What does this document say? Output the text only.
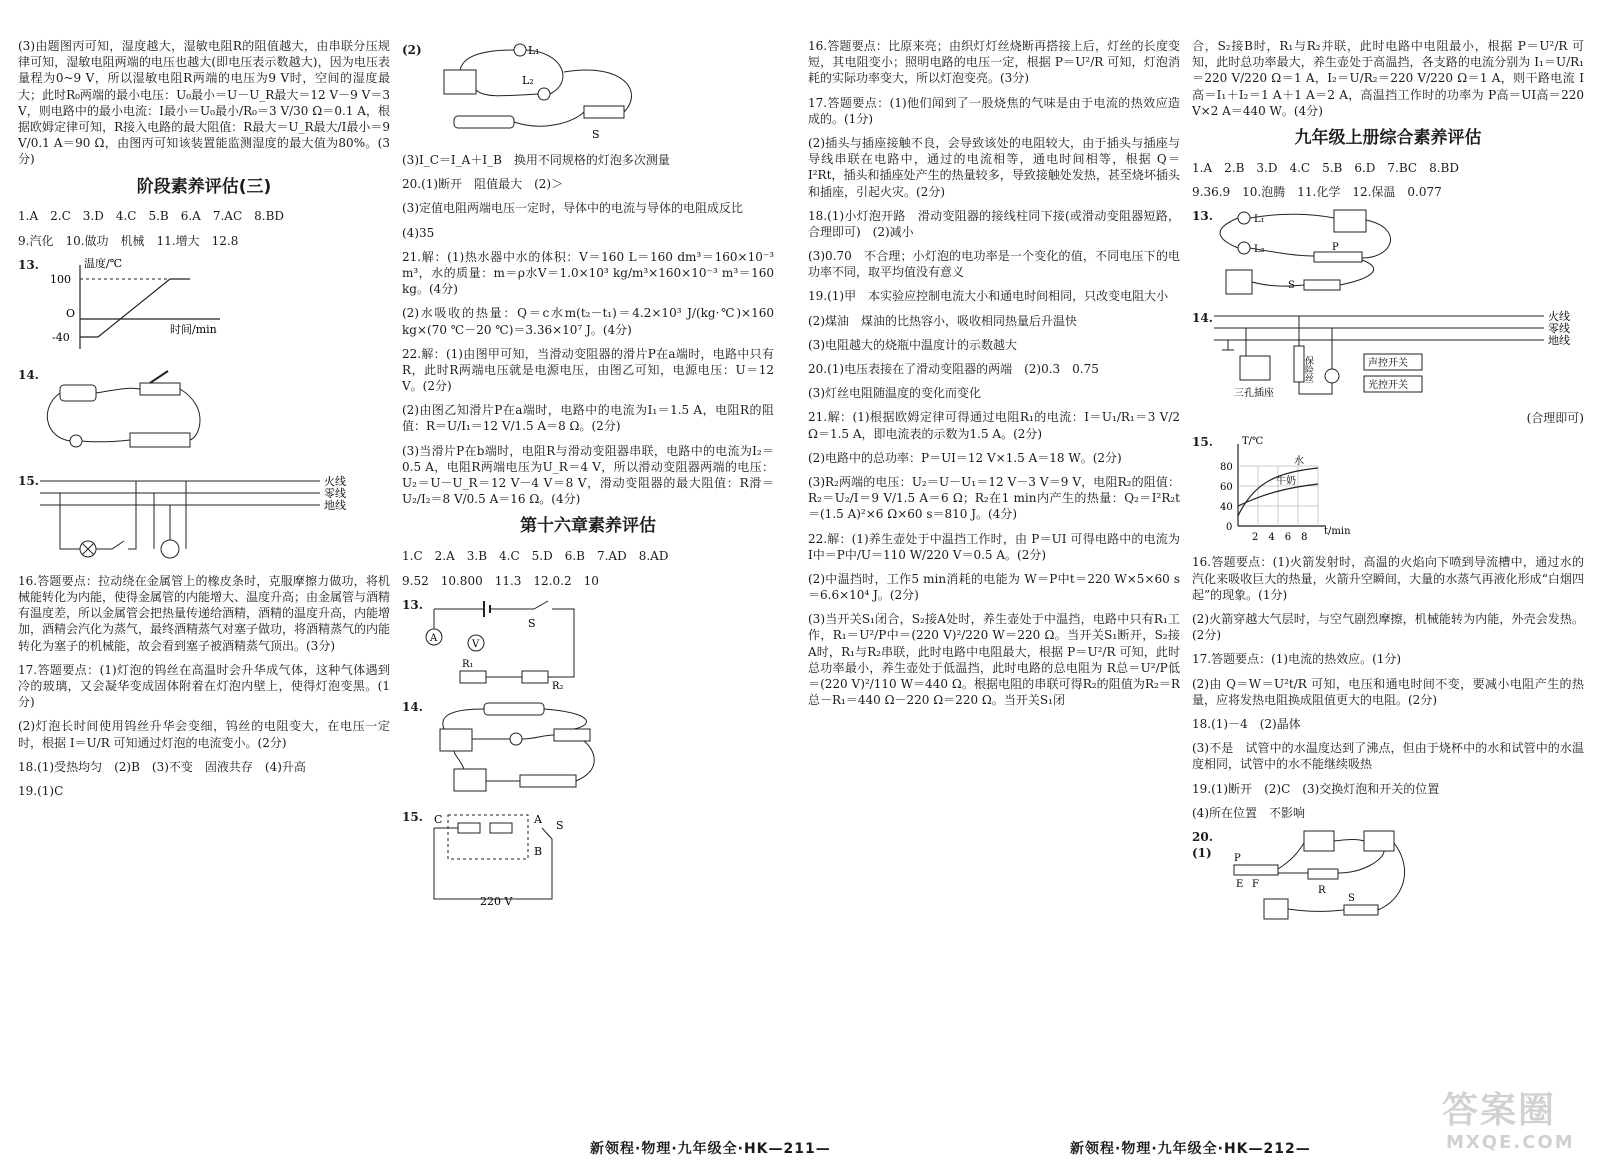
(3)由题图丙可知，湿度越大，湿敏电阻R的阻值越大，由串联分压规律可知，湿敏电阻两端的电压也越大(即电压表示数越大)，因为电压表量程为0~9 V，所以湿敏电阻R两端的电压为9 V时，空间的湿度最大；此时R₀两端的最小电压：U₀最小＝U－U_R最大＝12 V－9 V＝3 V，则电路中的最小电流：I最小＝U₀最小/R₀＝3 V/30 Ω＝0.1 A，根据欧姆定律可知，R接入电路的最大阻值：R最大＝U_R最大/I最小＝9 V/0.1 A＝90 Ω，由图丙可知该装置能监测湿度的最大值为80%。(3分)

阶段素养评估(三)

1.A　2.C　3.D　4.C　5.B　6.A　7.AC　8.BD

9.汽化　10.做功　机械　11.增大　12.8

13.	温度/℃
100
O
-40
时间/min
14.
15.	火线
零线
地线

16.答题要点：拉动绕在金属管上的橡皮条时，克服摩擦力做功，将机械能转化为内能，使得金属管的内能增大、温度升高；由金属管与酒精有温度差，所以金属管会把热量传递给酒精，酒精的温度升高，内能增加，酒精会汽化为蒸气，最终酒精蒸气对塞子做功，将酒精蒸气的内能转化为塞子的机械能，故会看到塞子被酒精蒸气顶出。(3分)

17.答题要点：(1)灯泡的钨丝在高温时会升华成气体，这种气体遇到冷的玻璃，又会凝华变成固体附着在灯泡内壁上，使得灯泡变黑。(1分)

(2)灯泡长时间使用钨丝升华会变细，钨丝的电阻变大，在电压一定时，根据 I＝U/R 可知通过灯泡的电流变小。(2分)

18.(1)受热均匀　(2)B　(3)不变　固液共存　(4)升高

19.(1)C

(2)	L₁
L₂
S

(3)I_C＝I_A＋I_B　换用不同规格的灯泡多次测量

20.(1)断开　阻值最大　(2)＞

(3)定值电阻两端电压一定时，导体中的电流与导体的电阻成反比

(4)35

21.解：(1)热水器中水的体积：V＝160 L＝160 dm³＝160×10⁻³ m³，水的质量：m＝ρ水V＝1.0×10³ kg/m³×160×10⁻³ m³＝160 kg。(4分)

(2)水吸收的热量：Q＝c水m(t₂－t₁)＝4.2×10³ J/(kg·℃)×160 kg×(70 ℃－20 ℃)＝3.36×10⁷ J。(4分)

22.解：(1)由图甲可知，当滑动变阻器的滑片P在a端时，电路中只有R，此时R两端电压就是电源电压，由图乙可知，电源电压：U＝12 V。(2分)

(2)由图乙知滑片P在a端时，电路中的电流为I₁＝1.5 A，电阻R的阻值：R＝U/I₁＝12 V/1.5 A＝8 Ω。(2分)

(3)当滑片P在b端时，电阻R与滑动变阻器串联，电路中的电流为I₂＝0.5 A，电阻R两端电压为U_R＝4 V，所以滑动变阻器两端的电压：U₂＝U－U_R＝12 V－4 V＝8 V，滑动变阻器的最大阻值：R滑＝U₂/I₂＝8 V/0.5 A＝16 Ω。(4分)

第十六章素养评估

1.C　2.A　3.B　4.C　5.D　6.B　7.AD　8.AD

9.52　10.800　11.3　12.0.2　10

13.
S
A
V
R₁
R₂
14.
15. C	A
B
S
220 V

16.答题要点：比原来亮；由织灯灯丝烧断再搭接上后，灯丝的长度变短，其电阻变小；照明电路的电压一定，根据 P＝U²/R 可知，灯泡消耗的实际功率变大，所以灯泡变亮。(3分)

17.答题要点：(1)他们闻到了一股烧焦的气味是由于电流的热效应造成的。(1分)

(2)插头与插座接触不良，会导致该处的电阻较大，由于插头与插座与导线串联在电路中，通过的电流相等，通电时间相等，根据 Q＝I²Rt，插头和插座处产生的热量较多，导致接触处发热，甚至烧坏插头和插座，引起火灾。(2分)

18.(1)小灯泡开路　滑动变阻器的接线柱同下接(或滑动变阻器短路，合理即可)　(2)减小

(3)0.70　不合理；小灯泡的电功率是一个变化的值，不同电压下的电功率不同，取平均值没有意义

19.(1)甲　本实验应控制电流大小和通电时间相同，只改变电阻大小

(2)煤油　煤油的比热容小，吸收相同热量后升温快

(3)电阻越大的烧瓶中温度计的示数越大

20.(1)电压表接在了滑动变阻器的两端　(2)0.3　0.75

(3)灯丝电阻随温度的变化而变化

21.解：(1)根据欧姆定律可得通过电阻R₁的电流：I＝U₁/R₁＝3 V/2 Ω＝1.5 A，即电流表的示数为1.5 A。(2分)

(2)电路中的总功率：P＝UI＝12 V×1.5 A＝18 W。(2分)

(3)R₂两端的电压：U₂＝U－U₁＝12 V－3 V＝9 V，电阻R₂的阻值：R₂＝U₂/I＝9 V/1.5 A＝6 Ω；R₂在1 min内产生的热量：Q₂＝I²R₂t＝(1.5 A)²×6 Ω×60 s＝810 J。(4分)

22.解：(1)养生壶处于中温挡工作时，由 P＝UI 可得电路中的电流为 I中＝P中/U＝110 W/220 V＝0.5 A。(2分)

(2)中温挡时，工作5 min消耗的电能为 W＝P中t＝220 W×5×60 s＝6.6×10⁴ J。(2分)

(3)当开关S₁闭合，S₂接A处时，养生壶处于中温挡，电路中只有R₁工作，R₁＝U²/P中＝(220 V)²/220 W＝220 Ω。当开关S₁断开，S₂接A时，R₁与R₂串联，此时电路中电阻最大，根据 P＝U²/R 可知，此时总功率最小，养生壶处于低温挡，此时电路的总电阻为 R总＝U²/P低＝(220 V)²/110 W＝440 Ω。根据电阻的串联可得R₂的阻值为R₂＝R总－R₁＝440 Ω－220 Ω＝220 Ω。当开关S₁闭

合，S₂接B时，R₁与R₂并联，此时电路中电阻最小，根据 P＝U²/R 可知，此时总功率最大，养生壶处于高温挡，各支路的电流分别为 I₁＝U/R₁＝220 V/220 Ω＝1 A，I₂＝U/R₂＝220 V/220 Ω＝1 A，则干路电流 I高＝I₁＋I₂＝1 A＋1 A＝2 A，高温挡工作时的功率为 P高＝UI高＝220 V×2 A＝440 W。(4分)

九年级上册综合素养评估

1.A　2.B　3.D　4.C　5.B　6.D　7.BC　8.BD

9.36.9　10.泡腾　11.化学　12.保温　0.077

13.	L₁
L₂	P
S
14.	火线
零线
地线
三孔插座
保险丝	声控开关
光控开关

(合理即可)

15.	T/℃
80
60
40
0
2　4　6　8
t/min
水
牛奶

16.答题要点：(1)火箭发射时，高温的火焰向下喷到导流槽中，通过水的汽化来吸收巨大的热量，火箭升空瞬间，大量的水蒸气再液化形成“白烟四起”的现象。(1分)

(2)火箭穿越大气层时，与空气剧烈摩擦，机械能转为内能，外壳会发热。(2分)

17.答题要点：(1)电流的热效应。(1分)

(2)由 Q＝W＝U²t/R 可知，电压和通电时间不变，要减小电阻产生的热量，应将发热电阻换成阻值更大的电阻。(2分)

18.(1)－4　(2)晶体

(3)不是　试管中的水温度达到了沸点，但由于烧杯中的水和试管中的水温度相同，试管中的水不能继续吸热

19.(1)断开　(2)C　(3)交换灯泡和开关的位置

(4)所在位置　不影响

20.(1)	P
E F
R
S
新领程·物理·九年级全·HK—211—	新领程·物理·九年级全·HK—212—
答案圈
MXQE.COM
